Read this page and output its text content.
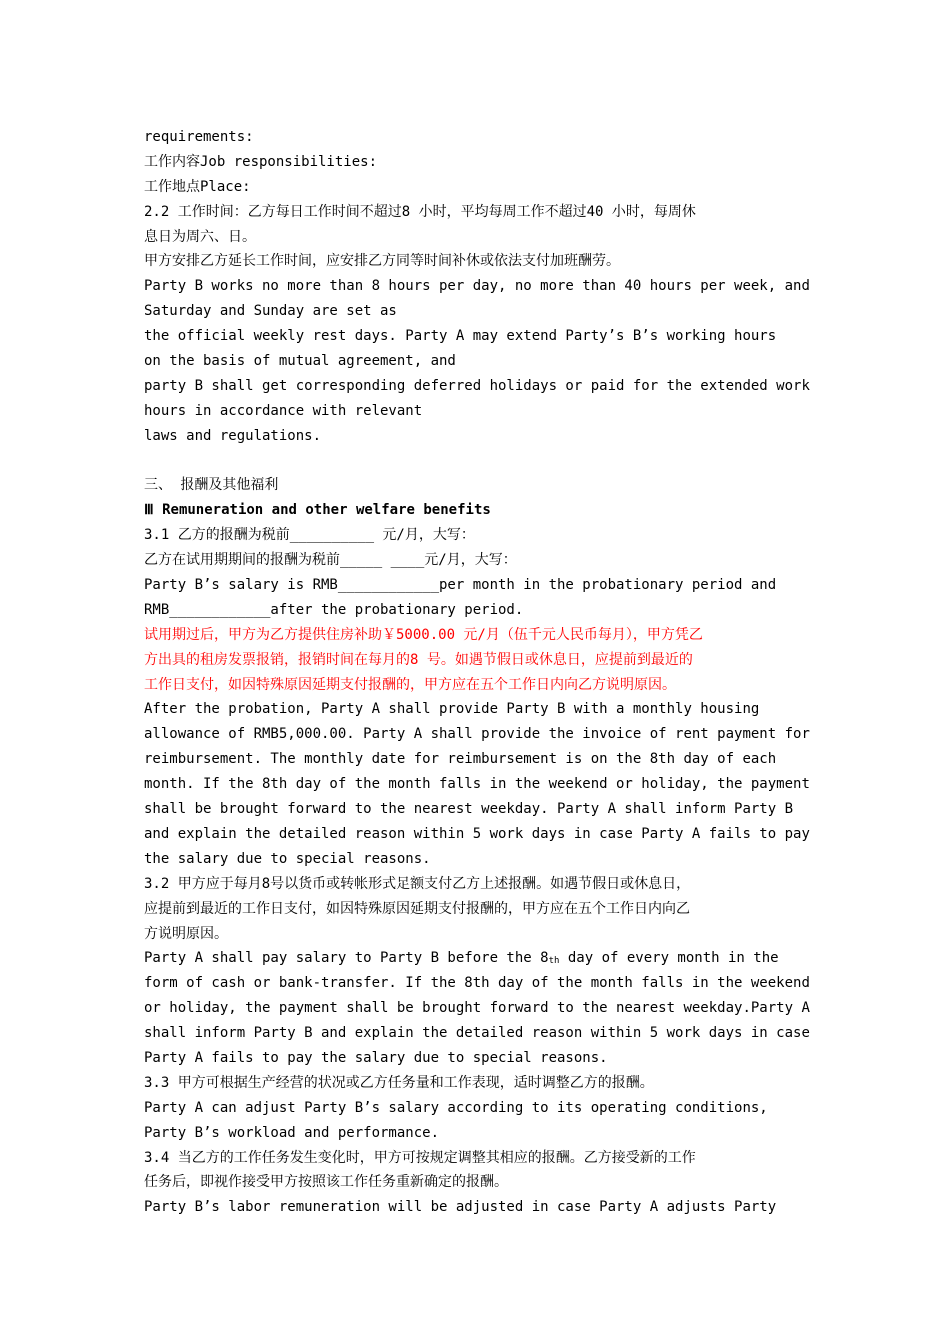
requirements:
工作内容Job responsibilities:
工作地点Place:
2.2 工作时间：乙方每日工作时间不超过8 小时，平均每周工作不超过40 小时，每周休
息日为周六、日。
甲方安排乙方延长工作时间，应安排乙方同等时间补休或依法支付加班酬劳。
Party B works no more than 8 hours per day, no more than 40 hours per week, and
Saturday and Sunday are set as
the official weekly rest days. Party A may extend Party’s B’s working hours
on the basis of mutual agreement, and
party B shall get corresponding deferred holidays or paid for the extended work
hours in accordance with relevant
laws and regulations.
三、 报酬及其他福利
Ⅲ Remuneration and other welfare benefits
3.1 乙方的报酬为税前__________ 元/月，大写：
乙方在试用期期间的报酬为税前_____ ____元/月，大写：
Party B’s salary is RMB____________per month in the probationary period and
RMB____________after the probationary period.
试用期过后，甲方为乙方提供住房补助￥5000.00 元/月（伍千元人民币每月），甲方凭乙
方出具的租房发票报销，报销时间在每月的8 号。如遇节假日或休息日，应提前到最近的
工作日支付，如因特殊原因延期支付报酬的，甲方应在五个工作日内向乙方说明原因。
After the probation, Party A shall provide Party B with a monthly housing
allowance of RMB5,000.00. Party A shall provide the invoice of rent payment for
reimbursement. The monthly date for reimbursement is on the 8th day of each
month. If the 8th day of the month falls in the weekend or holiday, the payment
shall be brought forward to the nearest weekday. Party A shall inform Party B
and explain the detailed reason within 5 work days in case Party A fails to pay
the salary due to special reasons.
3.2 甲方应于每月8号以货币或转帐形式足额支付乙方上述报酬。如遇节假日或休息日，
应提前到最近的工作日支付，如因特殊原因延期支付报酬的，甲方应在五个工作日内向乙
方说明原因。
Party A shall pay salary to Party B before the $8_{th}$ day of every month in the
form of cash or bank-transfer. If the 8th day of the month falls in the weekend
or holiday, the payment shall be brought forward to the nearest weekday.Party A
shall inform Party B and explain the detailed reason within 5 work days in case
Party A fails to pay the salary due to special reasons.
3.3 甲方可根据生产经营的状况或乙方任务量和工作表现，适时调整乙方的报酬。
Party A can adjust Party B’s salary according to its operating conditions,
Party B’s workload and performance.
3.4 当乙方的工作任务发生变化时，甲方可按规定调整其相应的报酬。乙方接受新的工作
任务后，即视作接受甲方按照该工作任务重新确定的报酬。
Party B’s labor remuneration will be adjusted in case Party A adjusts Party
